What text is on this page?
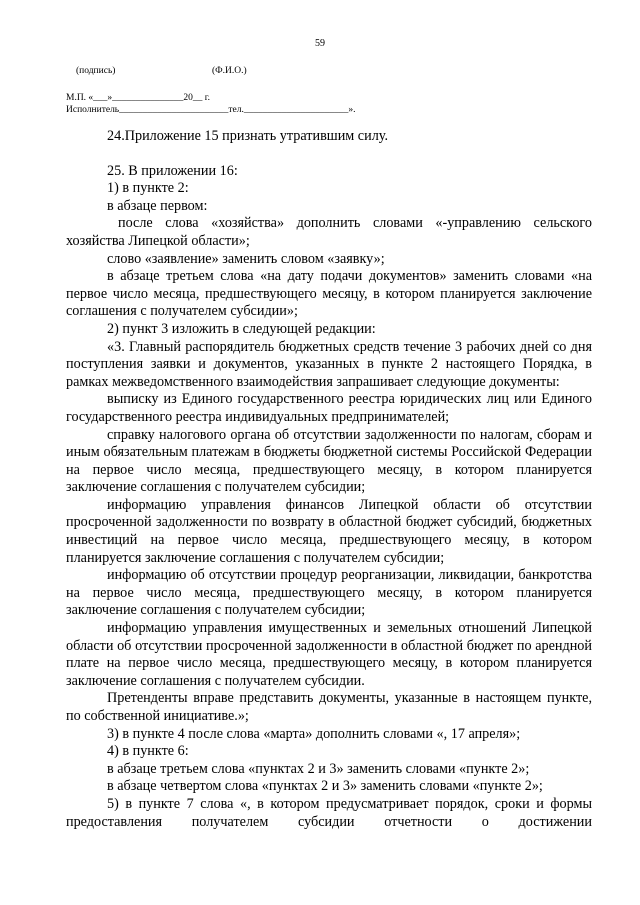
59
(подпись)	(Ф.И.О.)
М.П. «___»_______________20__ г.
Исполнитель_______________________тел.______________________».

24.Приложение 15 признать утратившим силу.

25. В приложении 16:

1) в пункте 2:

в абзаце первом:

после слова «хозяйства» дополнить словами «-управлению сельского хозяйства Липецкой области»;

слово «заявление» заменить словом «заявку»;

в абзаце третьем слова «на дату подачи документов» заменить словами «на первое число месяца, предшествующего месяцу, в котором планируется заключение соглашения с получателем субсидии»;

2) пункт 3 изложить в следующей редакции:

«3. Главный распорядитель бюджетных средств течение 3 рабочих дней со дня поступления заявки и документов, указанных в пункте 2 настоящего Порядка, в рамках межведомственного взаимодействия запрашивает следующие документы:

выписку из Единого государственного реестра юридических лиц или Единого государственного реестра индивидуальных предпринимателей;

справку налогового органа об отсутствии задолженности по налогам, сборам и иным обязательным платежам в бюджеты бюджетной системы Российской Федерации на первое число месяца, предшествующего месяцу, в котором планируется заключение соглашения с получателем субсидии;

информацию управления финансов Липецкой области об отсутствии просроченной задолженности по возврату в областной бюджет субсидий, бюджетных инвестиций на первое число месяца, предшествующего месяцу, в котором планируется заключение соглашения с получателем субсидии;

информацию об отсутствии процедур реорганизации, ликвидации, банкротства на первое число месяца, предшествующего месяцу, в котором планируется заключение соглашения с получателем субсидии;

информацию управления имущественных и земельных отношений Липецкой области об отсутствии просроченной задолженности в областной бюджет по арендной плате на первое число месяца, предшествующего месяцу, в котором планируется заключение соглашения с получателем субсидии.

Претенденты вправе представить документы, указанные в настоящем пункте, по собственной инициативе.»;

3) в пункте 4 после слова «марта» дополнить словами «, 17 апреля»;

4) в пункте 6:

в абзаце третьем слова «пунктах 2 и 3» заменить словами «пункте 2»;

в абзаце четвертом слова «пунктах 2 и 3» заменить словами «пункте 2»;

5) в пункте 7 слова «, в котором предусматривает порядок, сроки и формы предоставления получателем субсидии отчетности о достижении
